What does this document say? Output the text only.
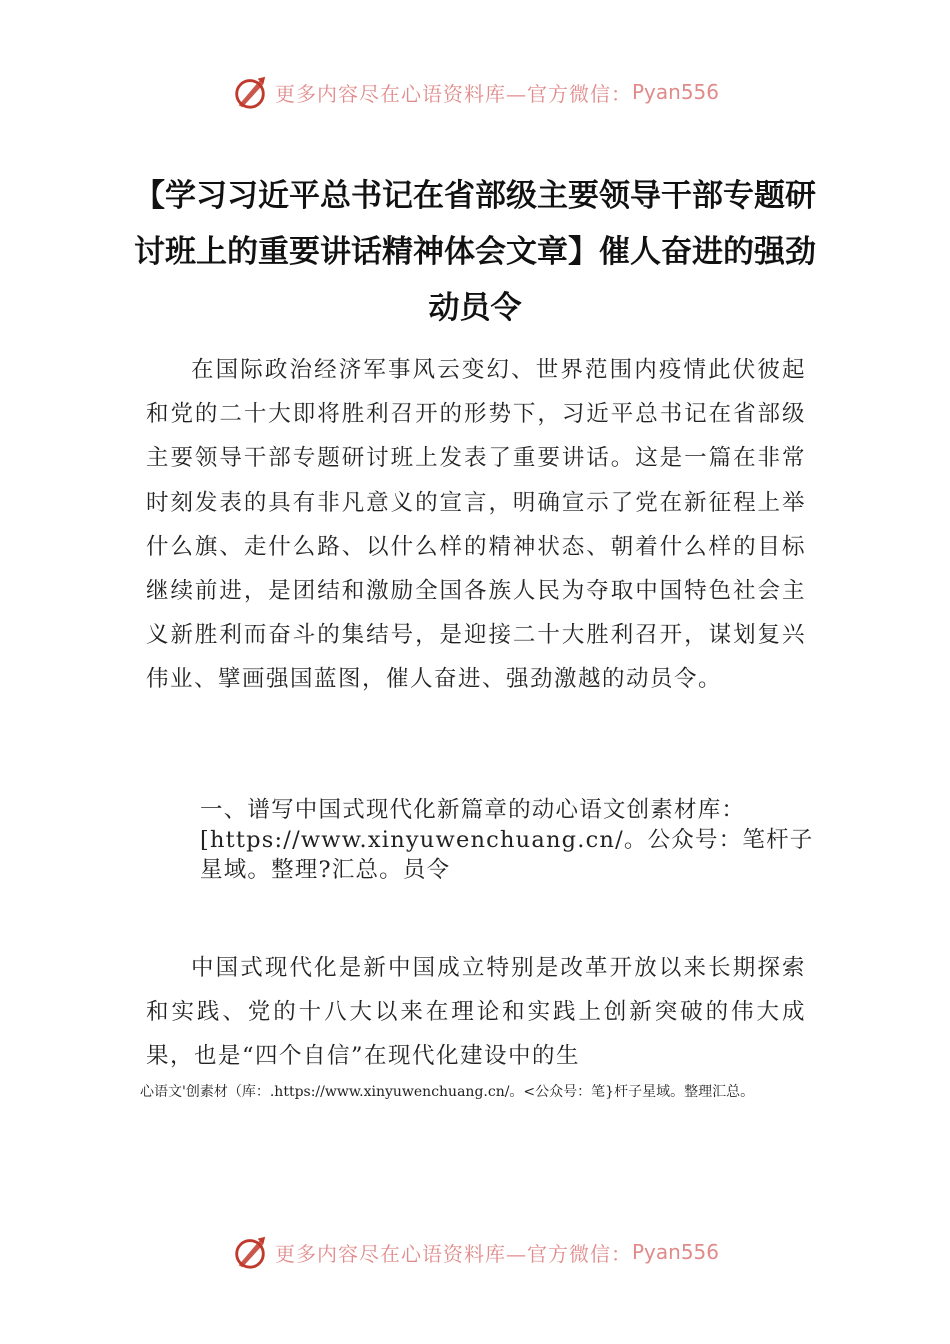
更多内容尽在心语资料库—官方微信： Pyan556
【学习习近平总书记在省部级主要领导干部专题研讨班上的重要讲话精神体会文章】催人奋进的强劲动员令
在国际政治经济军事风云变幻、世界范围内疫情此伏彼起和党的二十大即将胜利召开的形势下，习近平总书记在省部级主要领导干部专题研讨班上发表了重要讲话。这是一篇在非常时刻发表的具有非凡意义的宣言，明确宣示了党在新征程上举什么旗、走什么路、以什么样的精神状态、朝着什么样的目标继续前进，是团结和激励全国各族人民为夺取中国特色社会主义新胜利而奋斗的集结号，是迎接二十大胜利召开，谋划复兴伟业、擘画强国蓝图，催人奋进、强劲激越的动员令。
一、谱写中国式现代化新篇章的动心语文创素材库：[https://www.xinyuwenchuang.cn/。公众号：笔杆子星域。整理?汇总。员令
中国式现代化是新中国成立特别是改革开放以来长期探索和实践、党的十八大以来在理论和实践上创新突破的伟大成果，也是“四个自信”在现代化建设中的生
心语文'创素材（库：.https://www.xinyuwenchuang.cn/。<公众号：笔}杆子星域。整理汇总。
更多内容尽在心语资料库—官方微信： Pyan556
